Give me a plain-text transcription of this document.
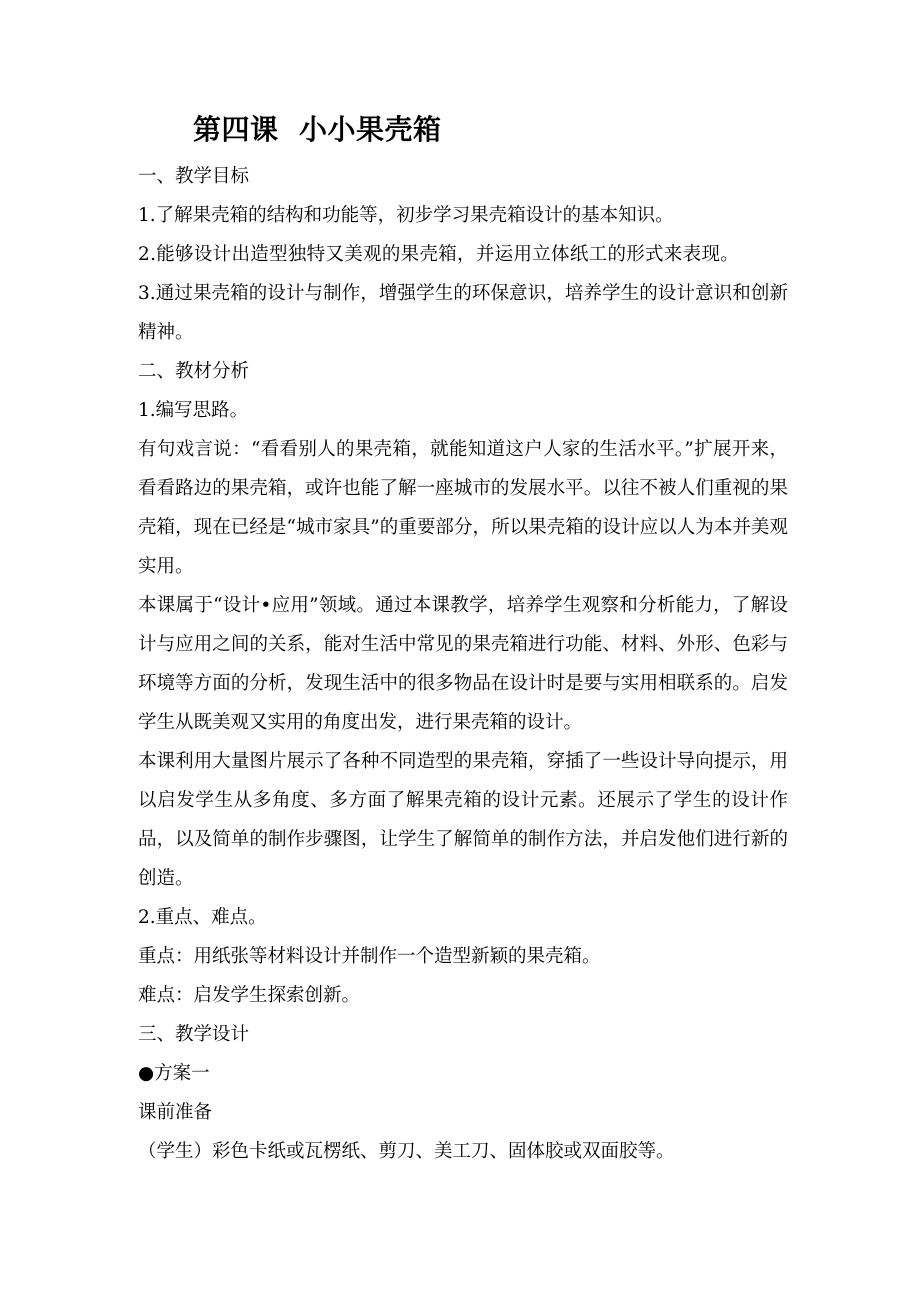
第四课  小小果壳箱

一、教学目标

1.了解果壳箱的结构和功能等，初步学习果壳箱设计的基本知识。

2.能够设计出造型独特又美观的果壳箱，并运用立体纸工的形式来表现。

3.通过果壳箱的设计与制作，增强学生的环保意识，培养学生的设计意识和创新精神。

二、教材分析

1.编写思路。

有句戏言说：“看看别人的果壳箱，就能知道这户人家的生活水平。”扩展开来，看看路边的果壳箱，或许也能了解一座城市的发展水平。以往不被人们重视的果壳箱，现在已经是“城市家具”的重要部分，所以果壳箱的设计应以人为本并美观实用。

本课属于“设计•应用”领域。通过本课教学，培养学生观察和分析能力，了解设计与应用之间的关系，能对生活中常见的果壳箱进行功能、材料、外形、色彩与环境等方面的分析，发现生活中的很多物品在设计时是要与实用相联系的。启发学生从既美观又实用的角度出发，进行果壳箱的设计。

本课利用大量图片展示了各种不同造型的果壳箱，穿插了一些设计导向提示，用以启发学生从多角度、多方面了解果壳箱的设计元素。还展示了学生的设计作品，以及简单的制作步骤图，让学生了解简单的制作方法，并启发他们进行新的创造。

2.重点、难点。

重点：用纸张等材料设计并制作一个造型新颖的果壳箱。

难点：启发学生探索创新。

三、教学设计

●方案一

课前准备

（学生）彩色卡纸或瓦楞纸、剪刀、美工刀、固体胶或双面胶等。
